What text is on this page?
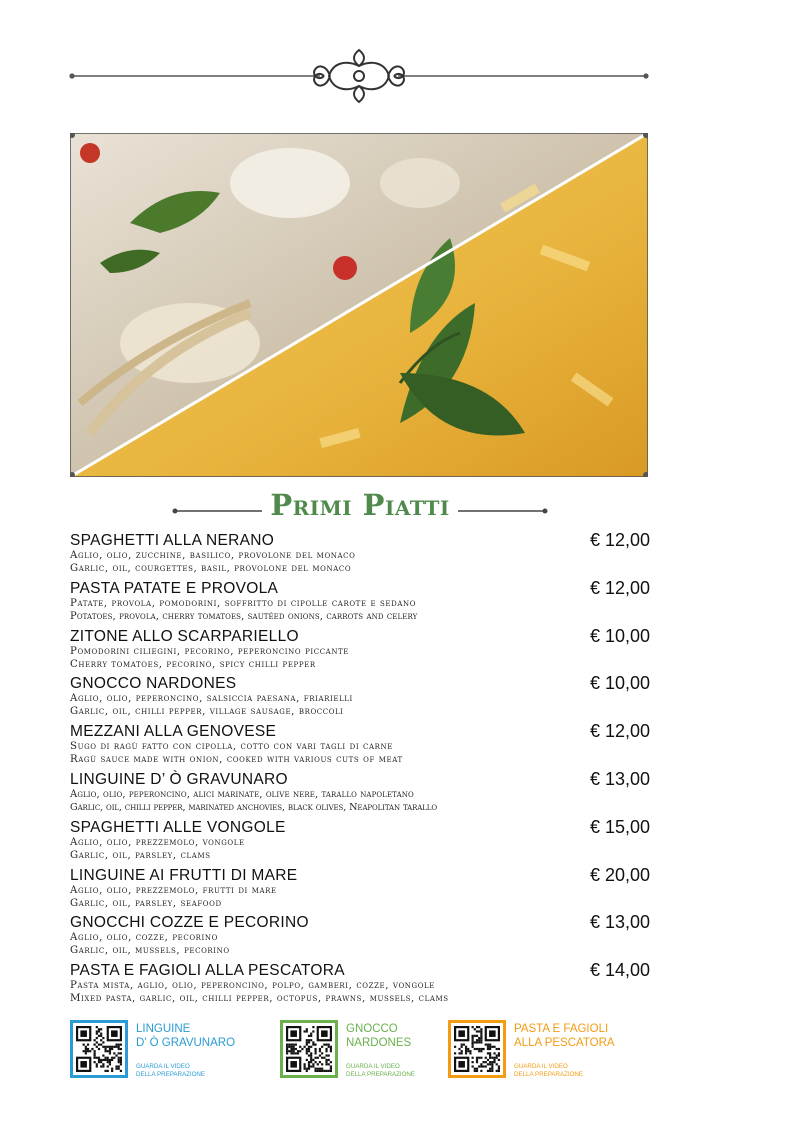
Primi Piatti
SPAGHETTI ALLA NERANO	€ 12,00
Aglio, olio, zucchine, basilico, provolone del monaco
Garlic, oil, courgettes, basil, provolone del monaco
PASTA PATATE E PROVOLA	€ 12,00
Patate, provola, pomodorini, soffritto di cipolle carote e sedano
Potatoes, provola, cherry tomatoes, sautéed onions, carrots and celery
ZITONE ALLO SCARPARIELLO	€ 10,00
Pomodorini ciliegini, pecorino, peperoncino piccante
Cherry tomatoes, pecorino, spicy chilli pepper
GNOCCO NARDONES	€ 10,00
Aglio, olio, peperoncino, salsiccia paesana, friarielli
Garlic, oil, chilli pepper, village sausage, broccoli
MEZZANI ALLA GENOVESE	€ 12,00
Sugo di ragù fatto con cipolla, cotto con vari tagli di carne
Ragù sauce made with onion, cooked with various cuts of meat
LINGUINE D’ Ò GRAVUNARO	€ 13,00
Aglio, olio, peperoncino, alici marinate, olive nere, tarallo napoletano
Garlic, oil, chilli pepper, marinated anchovies, black olives, Neapolitan tarallo
SPAGHETTI ALLE VONGOLE	€ 15,00
Aglio, olio, prezzemolo, vongole
Garlic, oil, parsley, clams
LINGUINE AI FRUTTI DI MARE	€ 20,00
Aglio, olio, prezzemolo, frutti di mare
Garlic, oil, parsley, seafood
GNOCCHI COZZE E PECORINO	€ 13,00
Aglio, olio, cozze, pecorino
Garlic, oil, mussels, pecorino
PASTA E FAGIOLI ALLA PESCATORA	€ 14,00
Pasta mista, aglio, olio, peperoncino, polpo, gamberi, cozze, vongole
Mixed pasta, garlic, oil, chilli pepper, octopus, prawns, mussels, clams
LINGUINE
D’ Ò GRAVUNARO
GUARDA IL VIDEO
DELLA PREPARAZIONE
GNOCCO
NARDONES
GUARDA IL VIDEO
DELLA PREPARAZIONE
PASTA E FAGIOLI
ALLA PESCATORA
GUARDA IL VIDEO
DELLA PREPARAZIONE
